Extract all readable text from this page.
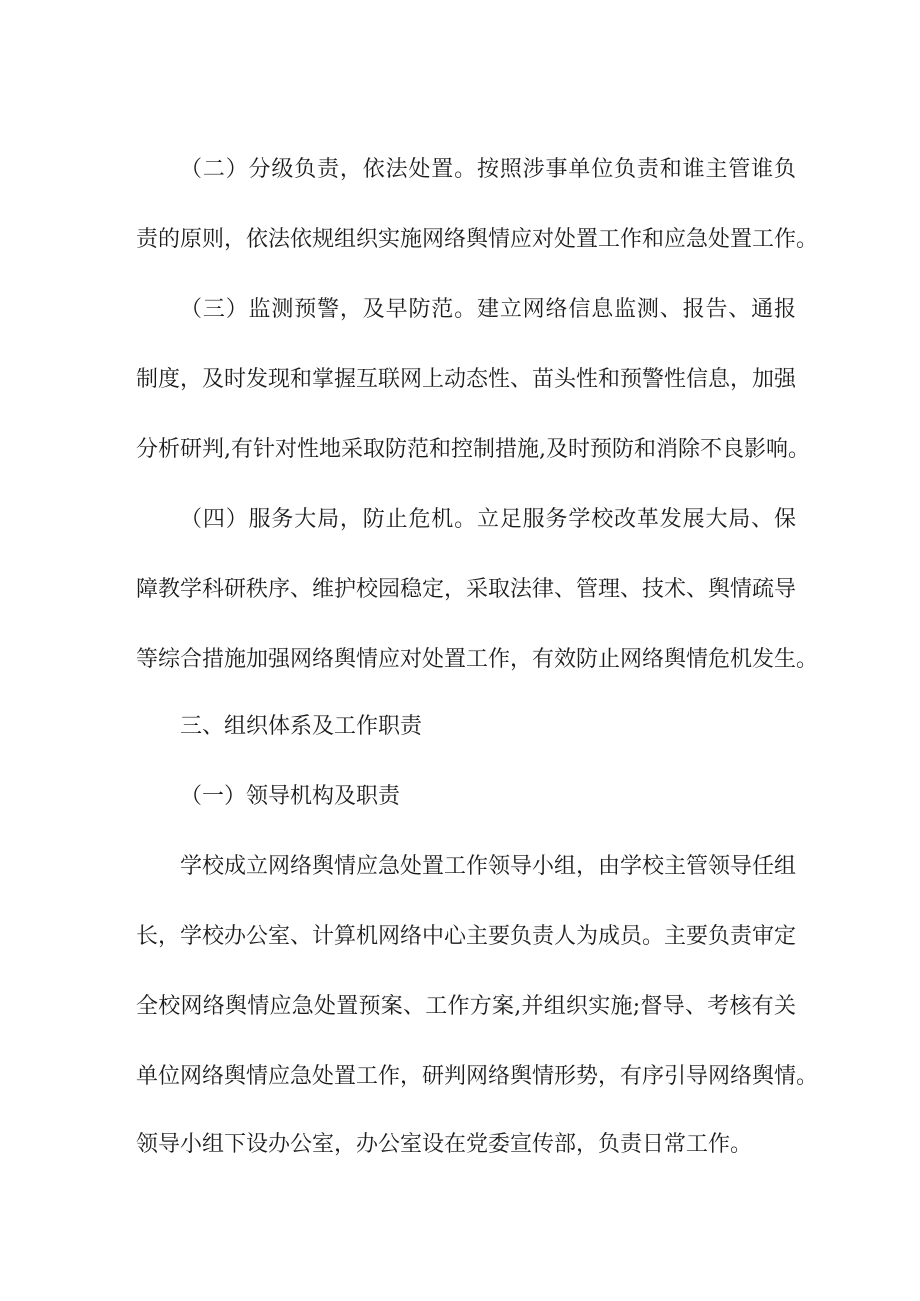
（二）分级负责，依法处置。按照涉事单位负责和谁主管谁负
责的原则，依法依规组织实施网络舆情应对处置工作和应急处置工作。
（三）监测预警，及早防范。建立网络信息监测、报告、通报
制度，及时发现和掌握互联网上动态性、苗头性和预警性信息，加强
分析研判,有针对性地采取防范和控制措施,及时预防和消除不良影响。
（四）服务大局，防止危机。立足服务学校改革发展大局、保
障教学科研秩序、维护校园稳定，采取法律、管理、技术、舆情疏导
等综合措施加强网络舆情应对处置工作，有效防止网络舆情危机发生。
三、组织体系及工作职责
（一）领导机构及职责
学校成立网络舆情应急处置工作领导小组，由学校主管领导任组
长，学校办公室、计算机网络中心主要负责人为成员。主要负责审定
全校网络舆情应急处置预案、工作方案,并组织实施;督导、考核有关
单位网络舆情应急处置工作，研判网络舆情形势，有序引导网络舆情。
领导小组下设办公室，办公室设在党委宣传部，负责日常工作。
